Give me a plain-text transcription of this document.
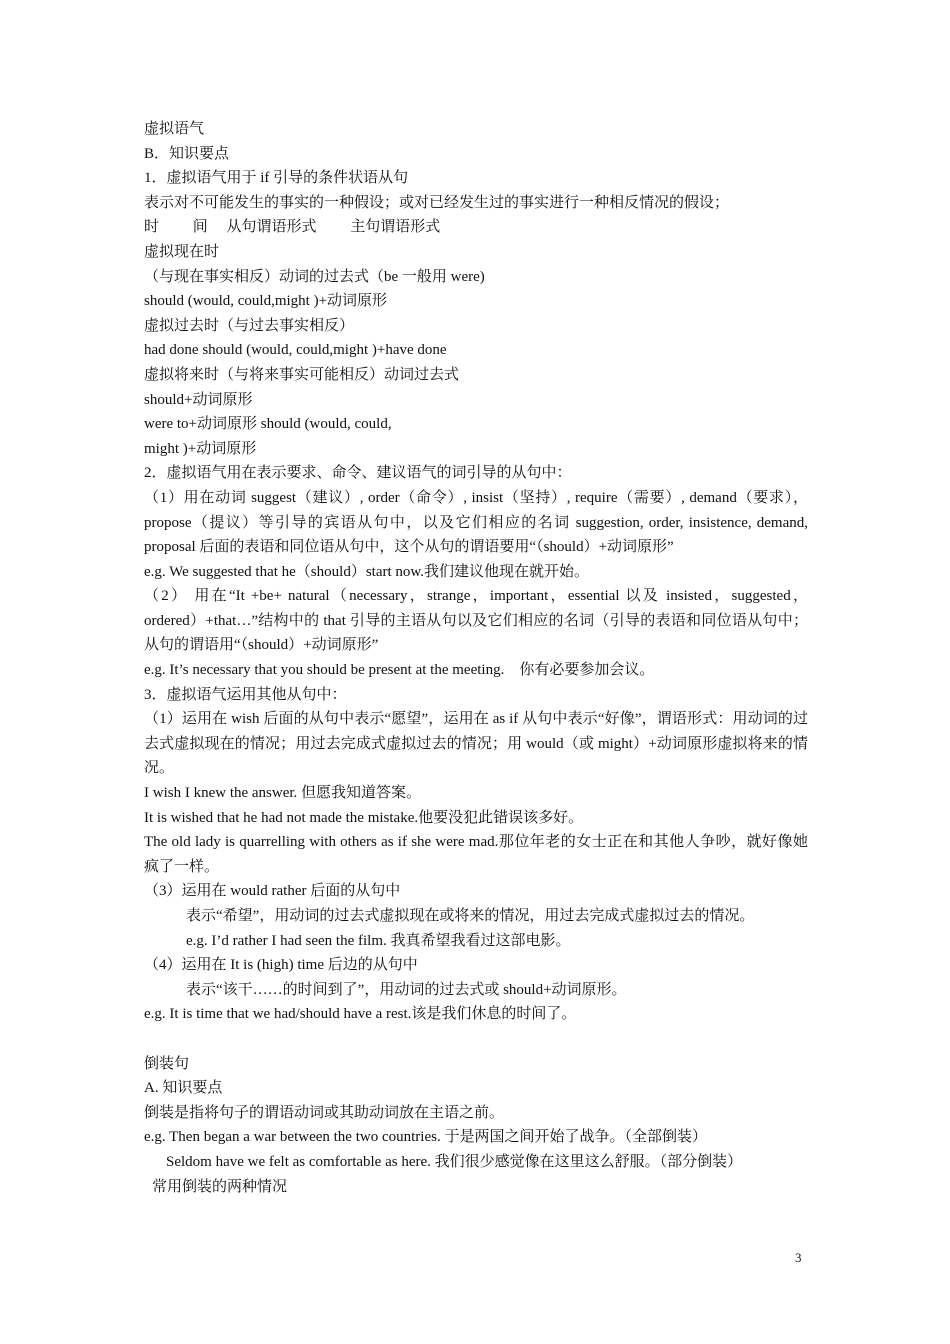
虚拟语气
B．知识要点
1．虚拟语气用于 if 引导的条件状语从句
表示对不可能发生的事实的一种假设；或对已经发生过的事实进行一种相反情况的假设；
时　　 间　 从句谓语形式　　 主句谓语形式
虚拟现在时
（与现在事实相反）动词的过去式（be 一般用 were)
should (would, could,might )+动词原形
虚拟过去时（与过去事实相反）
had done should (would, could,might )+have done
虚拟将来时（与将来事实可能相反）动词过去式
should+动词原形
were to+动词原形 should (would, could,
might )+动词原形
2．虚拟语气用在表示要求、命令、建议语气的词引导的从句中：
（1）用在动词 suggest（建议）, order（命令）, insist（坚持）, require（需要）, demand（要求），propose（提议）等引导的宾语从句中，以及它们相应的名词 suggestion, order, insistence, demand, proposal 后面的表语和同位语从句中，这个从句的谓语要用“（should）+动词原形”
e.g. We suggested that he（should）start now.我们建议他现在就开始。
（2） 用在“It +be+ natural（necessary，strange，important，essential 以及 insisted，suggested，ordered）+that…”结构中的 that 引导的主语从句以及它们相应的名词（引导的表语和同位语从句中；从句的谓语用“（should）+动词原形”
e.g. It’s necessary that you should be present at the meeting.　你有必要参加会议。
3．虚拟语气运用其他从句中：
（1）运用在 wish 后面的从句中表示“愿望”，运用在 as if 从句中表示“好像”，谓语形式：用动词的过去式虚拟现在的情况；用过去完成式虚拟过去的情况；用 would（或 might）+动词原形虚拟将来的情况。
I wish I knew the answer. 但愿我知道答案。
It is wished that he had not made the mistake.他要没犯此错误该多好。
The old lady is quarrelling with others as if she were mad.那位年老的女士正在和其他人争吵，就好像她疯了一样。
（3）运用在 would rather 后面的从句中
表示“希望”，用动词的过去式虚拟现在或将来的情况，用过去完成式虚拟过去的情况。
e.g. I’d rather I had seen the film. 我真希望我看过这部电影。
（4）运用在 It is (high) time 后边的从句中
表示“该干……的时间到了”，用动词的过去式或 should+动词原形。
e.g. It is time that we had/should have a rest.该是我们休息的时间了。
倒装句
A. 知识要点
倒装是指将句子的谓语动词或其助动词放在主语之前。
e.g. Then began a war between the two countries. 于是两国之间开始了战争。（全部倒装）
Seldom have we felt as comfortable as here. 我们很少感觉像在这里这么舒服。（部分倒装）
常用倒装的两种情况
3
